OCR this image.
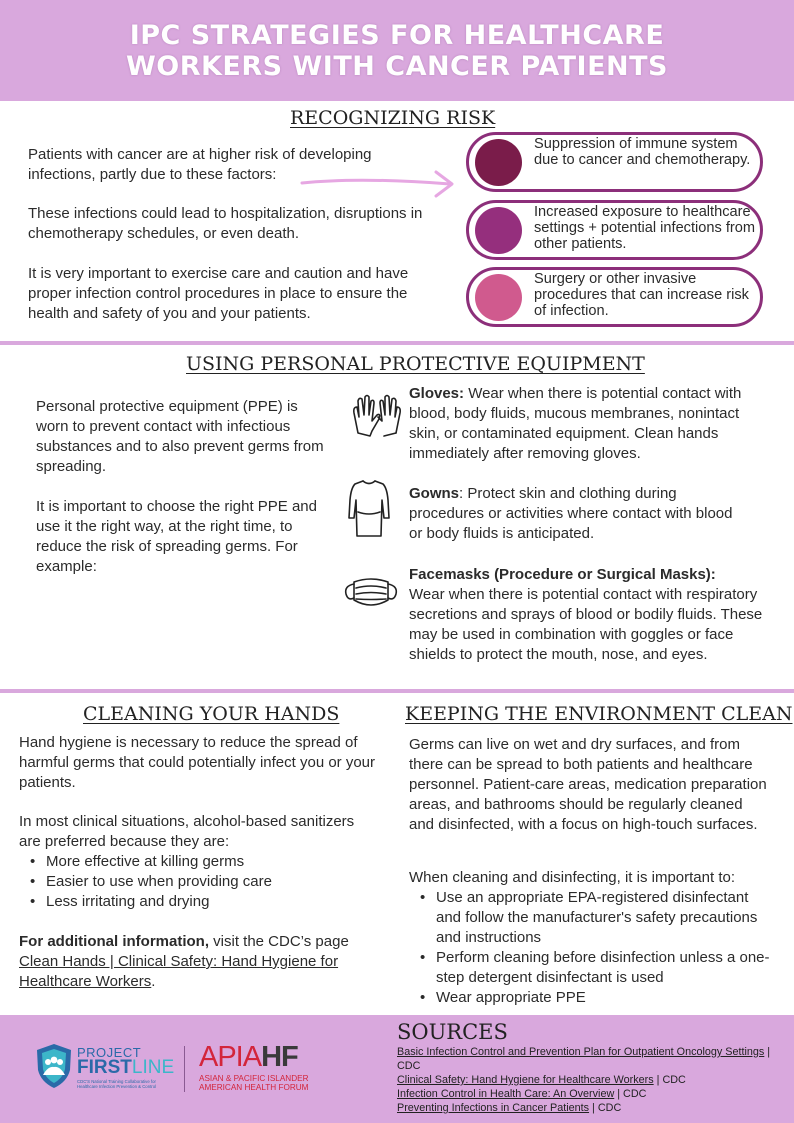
IPC STRATEGIES FOR HEALTHCARE
WORKERS WITH CANCER PATIENTS
RECOGNIZING RISK
Patients with cancer are at higher risk of developing infections, partly due to these factors:
These infections could lead to hospitalization, disruptions in chemotherapy schedules, or even death.
It is very important to exercise care and caution and have proper infection control procedures in place to ensure the health and safety of you and your patients.
Suppression of immune system due to cancer and chemotherapy.
Increased exposure to healthcare settings + potential infections from other patients.
Surgery or other invasive procedures that can increase risk of infection.
USING PERSONAL PROTECTIVE EQUIPMENT
Personal protective equipment (PPE) is worn to prevent contact with infectious substances and to also prevent germs from spreading.
It is important to choose the right PPE and use it the right way, at the right time, to reduce the risk of spreading germs. For example:
Gloves: Wear when there is potential contact with blood, body fluids, mucous membranes, nonintact skin, or contaminated equipment. Clean hands immediately after removing gloves.
Gowns: Protect skin and clothing during procedures or activities where contact with blood or body fluids is anticipated.
Facemasks (Procedure or Surgical Masks):
Wear when there is potential contact with respiratory secretions and sprays of blood or bodily fluids. These may be used in combination with goggles or face shields to protect the mouth, nose, and eyes.
CLEANING YOUR HANDS
Hand hygiene is necessary to reduce the spread of harmful germs that could potentially infect you or your patients.
In most clinical situations, alcohol-based sanitizers are preferred because they are:
• More effective at killing germs
• Easier to use when providing care
• Less irritating and drying
For additional information, visit the CDC’s page Clean Hands | Clinical Safety: Hand Hygiene for Healthcare Workers.
KEEPING THE ENVIRONMENT CLEAN
Germs can live on wet and dry surfaces, and from there can be spread to both patients and healthcare personnel. Patient-care areas, medication preparation areas, and bathrooms should be regularly cleaned and disinfected, with a focus on high-touch surfaces.
When cleaning and disinfecting, it is important to:
• Use an appropriate EPA-registered disinfectant and follow the manufacturer's safety precautions and instructions
• Perform cleaning before disinfection unless a one-step detergent disinfectant is used
• Wear appropriate PPE
PROJECT
FIRSTLINE
CDC'S National Training Collaborative for Healthcare Infection Prevention & Control
APIAHF
ASIAN & PACIFIC ISLANDER
AMERICAN HEALTH FORUM
SOURCES
Basic Infection Control and Prevention Plan for Outpatient Oncology Settings | CDC
Clinical Safety: Hand Hygiene for Healthcare Workers | CDC
Infection Control in Health Care: An Overview | CDC
Preventing Infections in Cancer Patients | CDC
